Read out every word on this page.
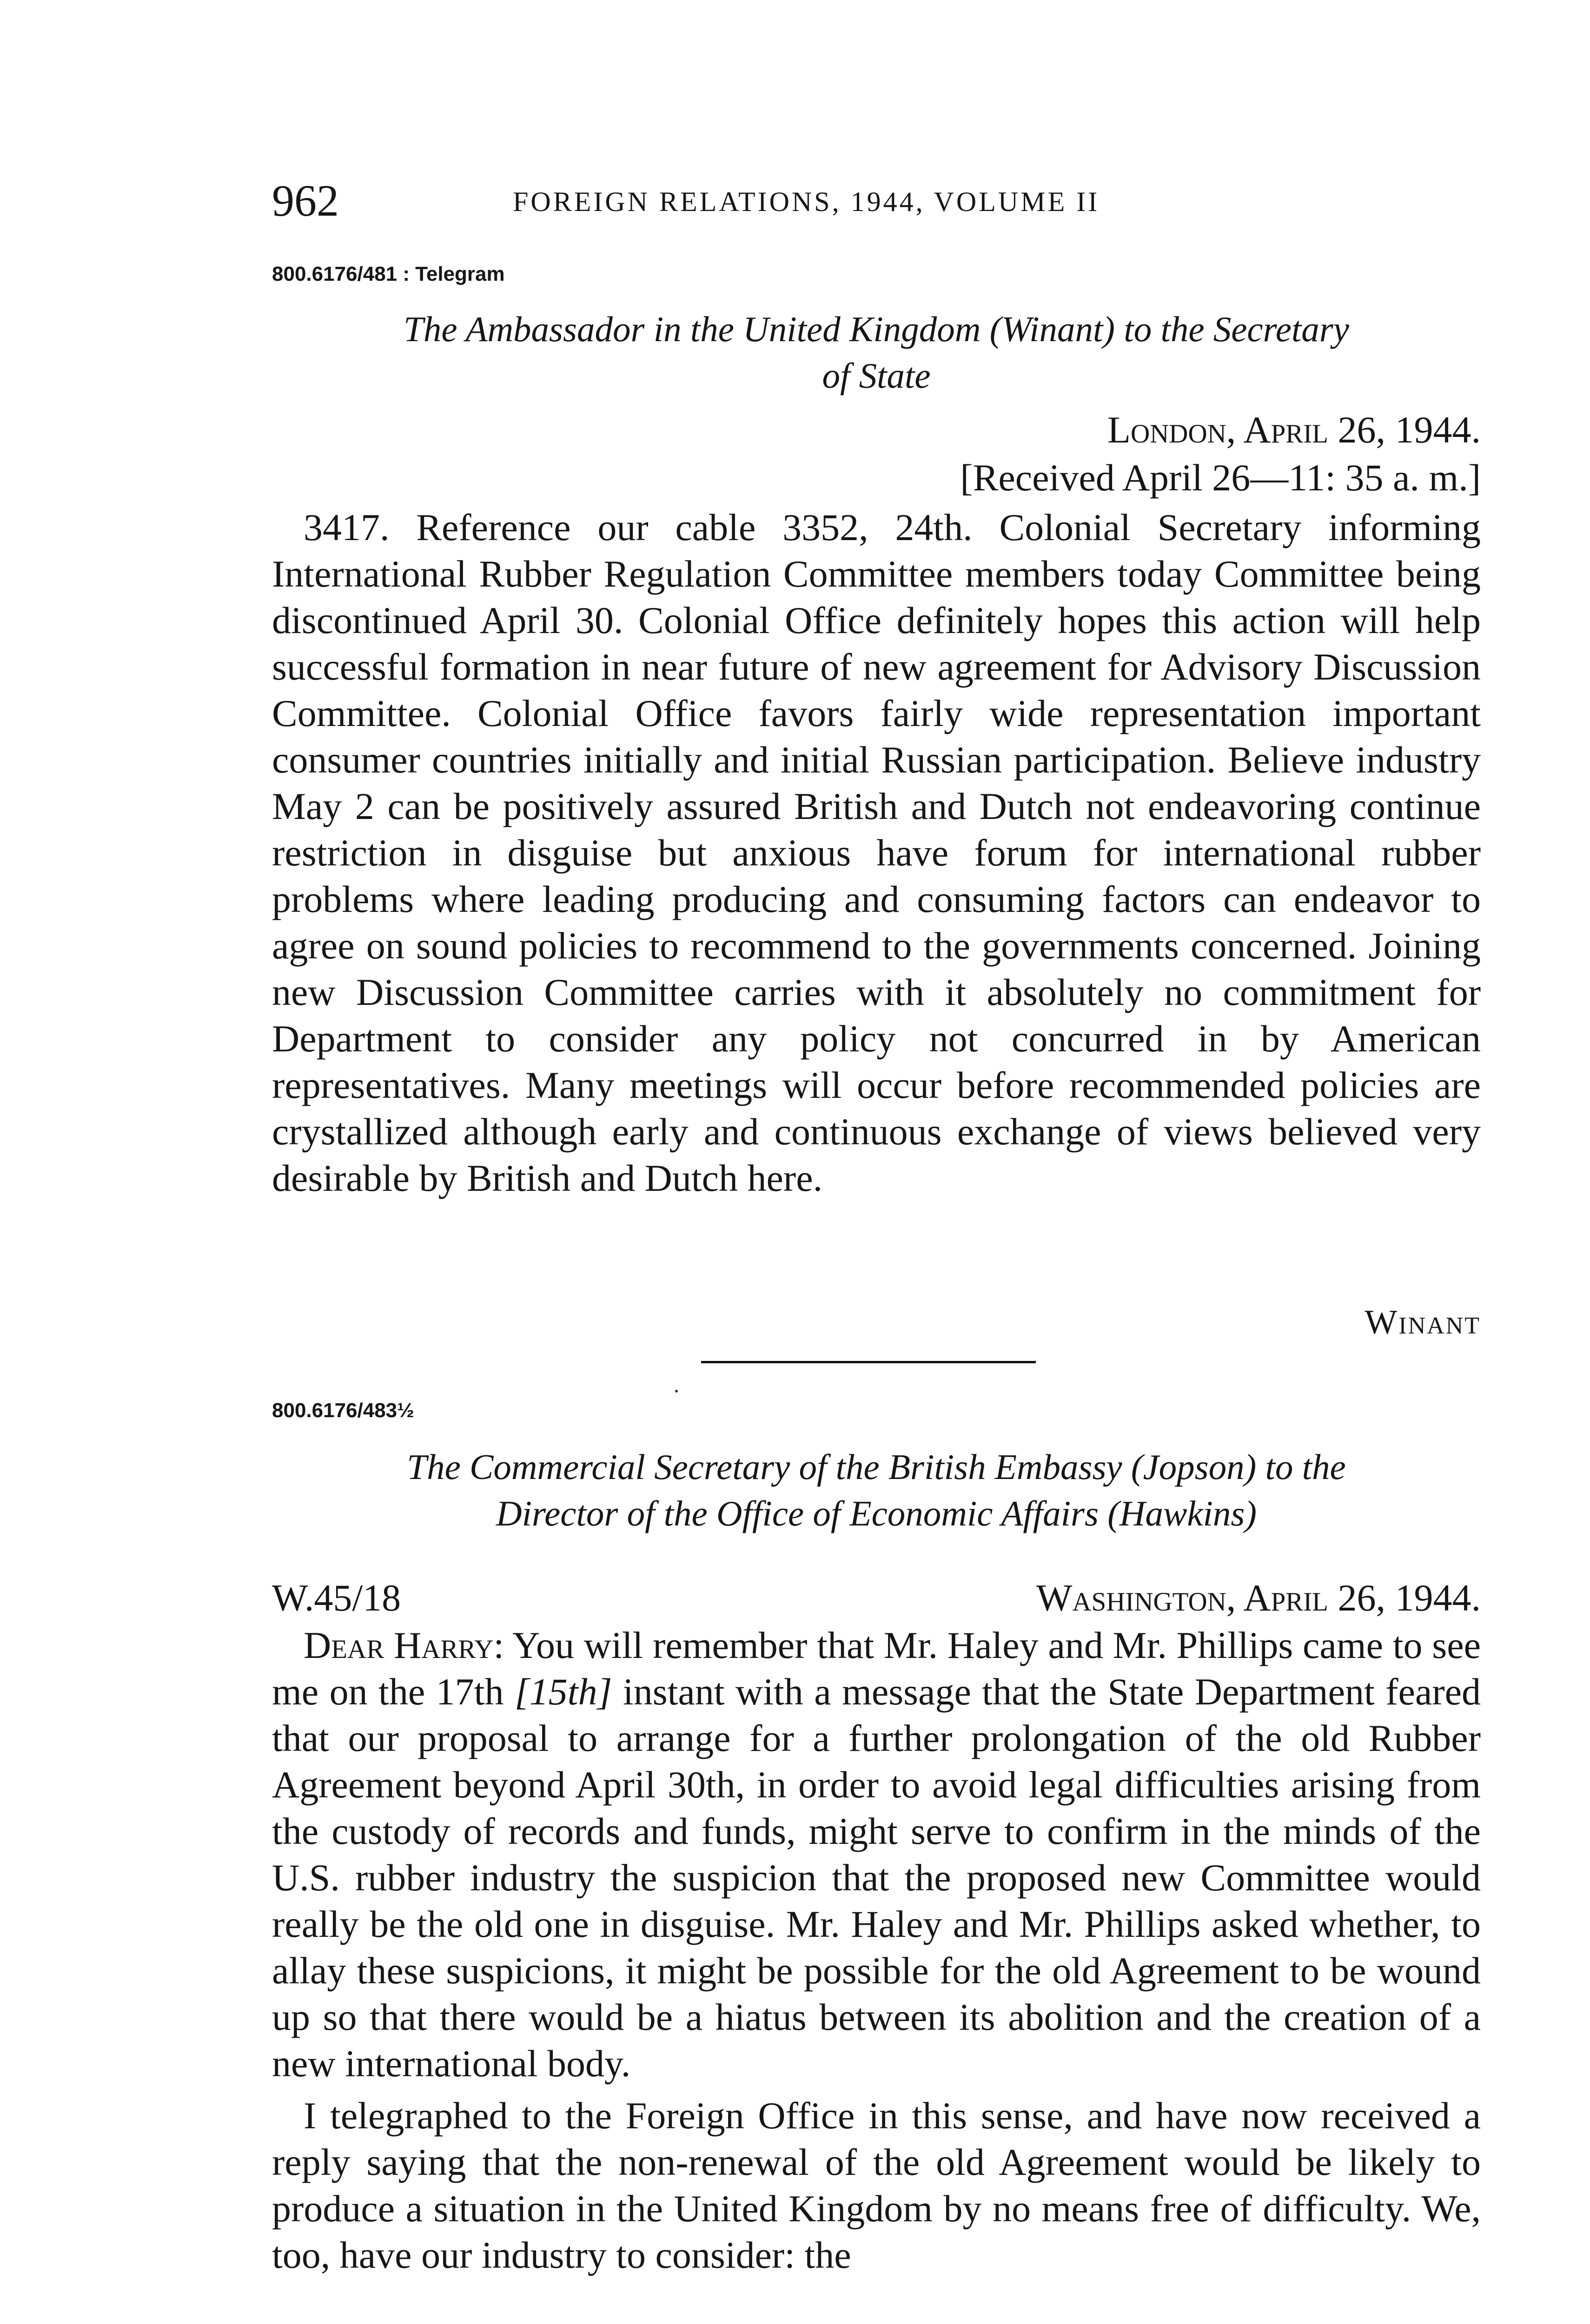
962	FOREIGN RELATIONS, 1944, VOLUME II
800.6176/481 : Telegram
The Ambassador in the United Kingdom (Winant) to the Secretary
of State
London, April 26, 1944.
[Received April 26—11: 35 a. m.]

3417. Reference our cable 3352, 24th. Colonial Secretary informing International Rubber Regulation Committee members today Committee being discontinued April 30. Colonial Office definitely hopes this action will help successful formation in near future of new agreement for Advisory Discussion Committee. Colonial Office favors fairly wide representation important consumer countries initially and initial Russian participation. Believe industry May 2 can be positively assured British and Dutch not endeavoring continue restriction in disguise but anxious have forum for international rubber problems where leading producing and consuming factors can endeavor to agree on sound policies to recommend to the governments concerned. Joining new Discussion Committee carries with it absolutely no commitment for Department to consider any policy not concurred in by American representatives. Many meetings will occur before recommended policies are crystallized although early and continuous exchange of views believed very desirable by British and Dutch here.

Winant
800.6176/483½
The Commercial Secretary of the British Embassy (Jopson) to the
Director of the Office of Economic Affairs (Hawkins)
W.45/18	Washington, April 26, 1944.

Dear Harry: You will remember that Mr. Haley and Mr. Phillips came to see me on the 17th [15th] instant with a message that the State Department feared that our proposal to arrange for a further prolongation of the old Rubber Agreement beyond April 30th, in order to avoid legal difficulties arising from the custody of records and funds, might serve to confirm in the minds of the U.S. rubber industry the suspicion that the proposed new Committee would really be the old one in disguise. Mr. Haley and Mr. Phillips asked whether, to allay these suspicions, it might be possible for the old Agreement to be wound up so that there would be a hiatus between its abolition and the creation of a new international body.

I telegraphed to the Foreign Office in this sense, and have now received a reply saying that the non-renewal of the old Agreement would be likely to produce a situation in the United Kingdom by no means free of difficulty. We, too, have our industry to consider: the
